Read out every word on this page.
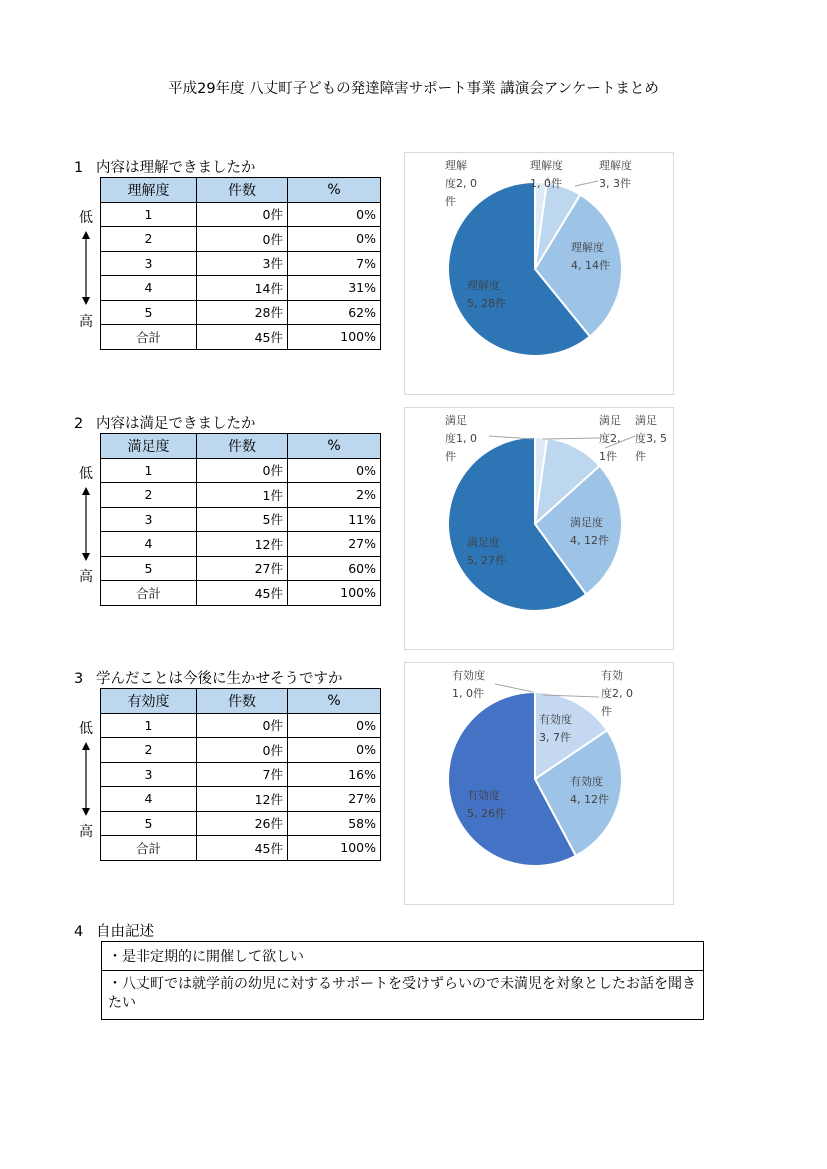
平成29年度 八丈町子どもの発達障害サポート事業 講演会アンケートまとめ
1 内容は理解できましたか
理解度	件数	%
1	0件	0%
2	0件	0%
3	3件	7%
4	14件	31%
5	28件	62%
合計	45件	100%
低
高
理解度 1, 0件
理解度2, 0 件
理解度 3, 3件
理解度 4, 14件
理解度 5, 28件
2 内容は満足できましたか
満足度	件数	%
1	0件	0%
2	1件	2%
3	5件	11%
4	12件	27%
5	27件	60%
合計	45件	100%
低
高
満足度1, 0 件
満足度2, 1件
満足度3, 5 件
満足度 4, 12件
満足度 5, 27件
3 学んだことは今後に生かせそうですか
有効度	件数	%
1	0件	0%
2	0件	0%
3	7件	16%
4	12件	27%
5	26件	58%
合計	45件	100%
低
高
有効度 1, 0件
有効度2, 0 件
有効度 3, 7件
有効度 4, 12件
有効度 5, 26件
4 自由記述
・是非定期的に開催して欲しい
・八丈町では就学前の幼児に対するサポートを受けずらいので未満児を対象としたお話を聞きたい
